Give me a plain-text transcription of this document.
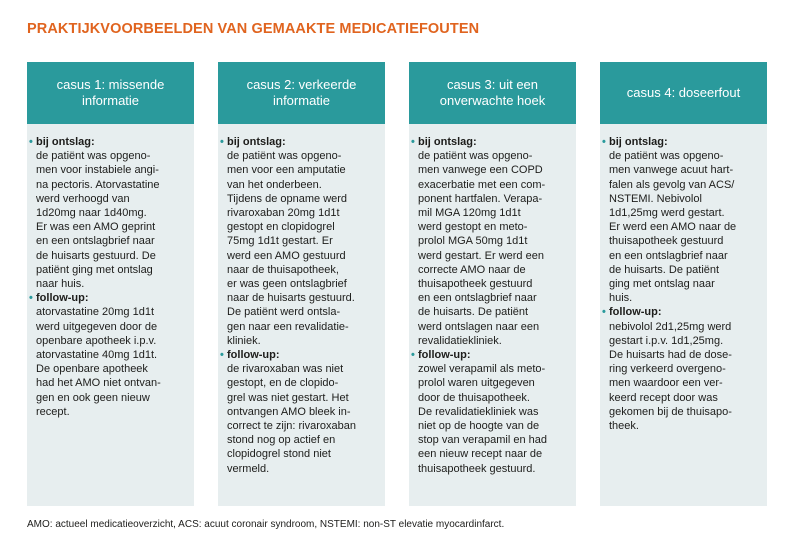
PRAKTIJKVOORBEELDEN VAN GEMAAKTE MEDICATIEFOUTEN
casus 1: missende
informatie
• bij ontslag:
de patiënt was opgeno-
men voor instabiele angi-
na pectoris. Atorvastatine
werd verhoogd van
1d20mg naar 1d40mg.
Er was een AMO geprint
en een ontslagbrief naar
de huisarts gestuurd. De
patiënt ging met ontslag
naar huis.
• follow-up:
atorvastatine 20mg 1d1t
werd uitgegeven door de
openbare apotheek i.p.v.
atorvastatine 40mg 1d1t.
De openbare apotheek
had het AMO niet ontvan-
gen en ook geen nieuw
recept.
casus 2: verkeerde
informatie
• bij ontslag:
de patiënt was opgeno-
men voor een amputatie
van het onderbeen.
Tijdens de opname werd
rivaroxaban 20mg 1d1t
gestopt en clopidogrel
75mg 1d1t gestart. Er
werd een AMO gestuurd
naar de thuisapotheek,
er was geen ontslagbrief
naar de huisarts gestuurd.
De patiënt werd ontsla-
gen naar een revalidatie-
kliniek.
• follow-up:
de rivaroxaban was niet
gestopt, en de clopido-
grel was niet gestart. Het
ontvangen AMO bleek in-
correct te zijn: rivaroxaban
stond nog op actief en
clopidogrel stond niet
vermeld.
casus 3: uit een
onverwachte hoek
• bij ontslag:
de patiënt was opgeno-
men vanwege een COPD
exacerbatie met een com-
ponent hartfalen. Verapa-
mil MGA 120mg 1d1t
werd gestopt en meto-
prolol MGA 50mg 1d1t
werd gestart. Er werd een
correcte AMO naar de
thuisapotheek gestuurd
en een ontslagbrief naar
de huisarts. De patiënt
werd ontslagen naar een
revalidatiekliniek.
• follow-up:
zowel verapamil als meto-
prolol waren uitgegeven
door de thuisapotheek.
De revalidatiekliniek was
niet op de hoogte van de
stop van verapamil en had
een nieuw recept naar de
thuisapotheek gestuurd.
casus 4: doseerfout
• bij ontslag:
de patiënt was opgeno-
men vanwege acuut hart-
falen als gevolg van ACS/
NSTEMI. Nebivolol
1d1,25mg werd gestart.
Er werd een AMO naar de
thuisapotheek gestuurd
en een ontslagbrief naar
de huisarts. De patiënt
ging met ontslag naar
huis.
• follow-up:
nebivolol 2d1,25mg werd
gestart i.p.v. 1d1,25mg.
De huisarts had de dose-
ring verkeerd overgeno-
men waardoor een ver-
keerd recept door was
gekomen bij de thuisapo-
theek.
AMO: actueel medicatieoverzicht, ACS: acuut coronair syndroom, NSTEMI: non-ST elevatie myocardinfarct.
